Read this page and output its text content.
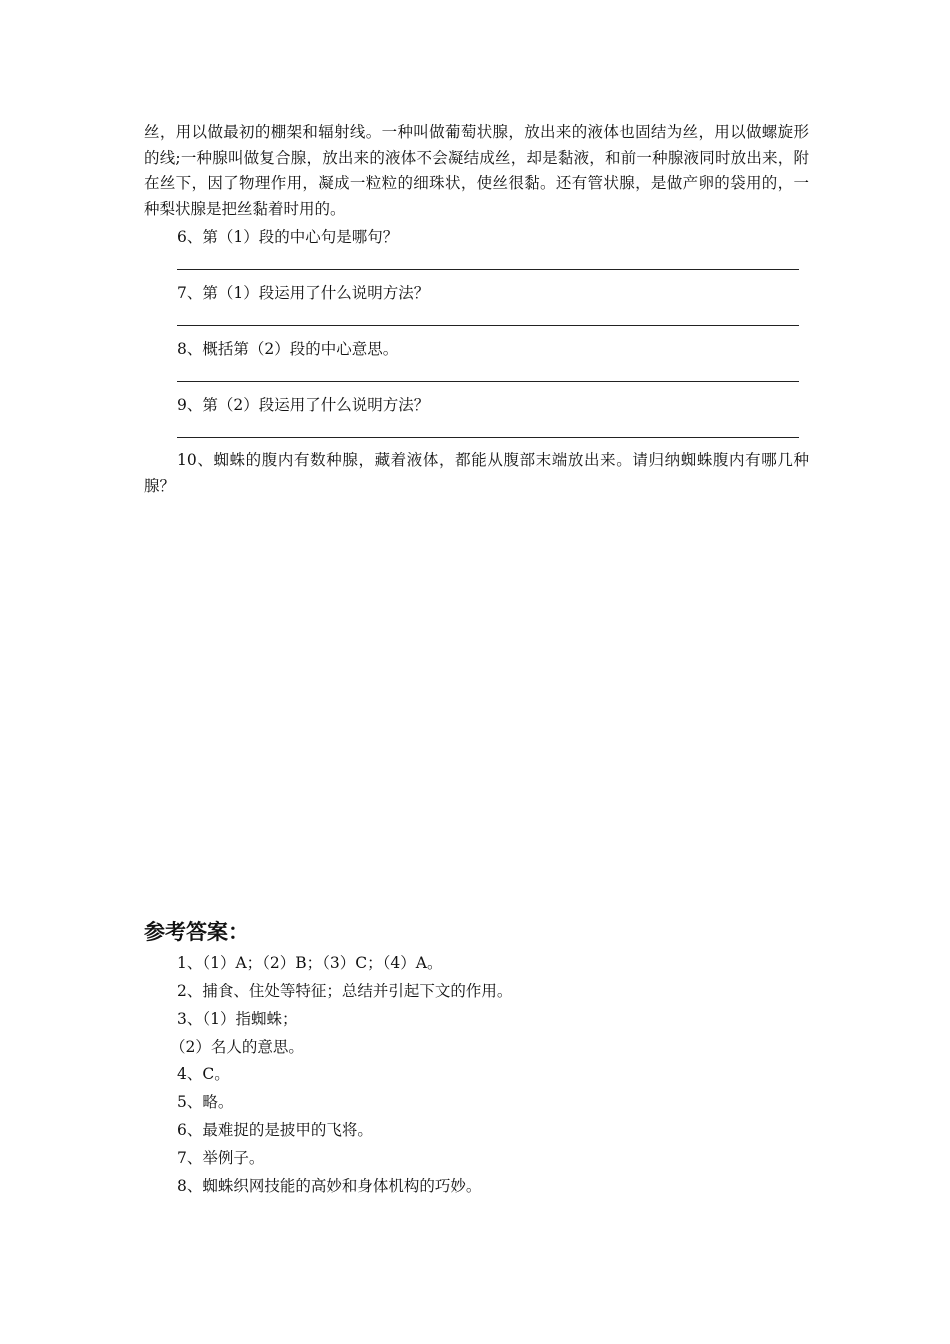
丝，用以做最初的棚架和辐射线。一种叫做葡萄状腺，放出来的液体也固结为丝，用以做螺旋形的线;一种腺叫做复合腺，放出来的液体不会凝结成丝，却是黏液，和前一种腺液同时放出来，附在丝下，因了物理作用，凝成一粒粒的细珠状，使丝很黏。还有管状腺，是做产卵的袋用的，一种梨状腺是把丝黏着时用的。
6、第（1）段的中心句是哪句？
7、第（1）段运用了什么说明方法？
8、概括第（2）段的中心意思。
9、第（2）段运用了什么说明方法？
10、蜘蛛的腹内有数种腺，藏着液体，都能从腹部末端放出来。请归纳蜘蛛腹内有哪几种腺？
参考答案：
1、（1）A；（2）B；（3）C；（4）A。
2、捕食、住处等特征；总结并引起下文的作用。
3、（1）指蜘蛛；
（2）名人的意思。
4、C。
5、略。
6、最难捉的是披甲的飞将。
7、举例子。
8、蜘蛛织网技能的高妙和身体机构的巧妙。
